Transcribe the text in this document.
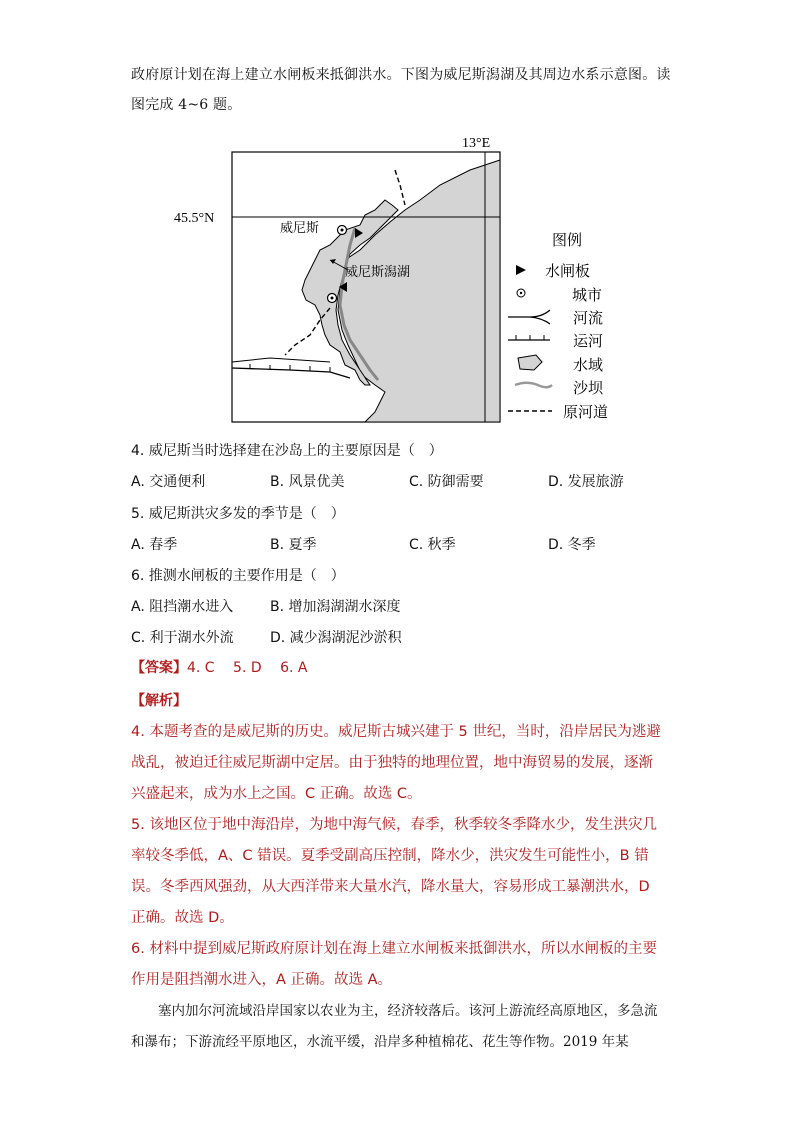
政府原计划在海上建立水闸板来抵御洪水。下图为威尼斯潟湖及其周边水系示意图。读图完成 4~6 题。
13°E
45.5°N
威尼斯
威尼斯潟湖
图例
水闸板
城市
河流
运河
水域
沙坝
原河道
4. 威尼斯当时选择建在沙岛上的主要原因是（　）
A. 交通便利	B. 风景优美	C. 防御需要	D. 发展旅游
5. 威尼斯洪灾多发的季节是（　）
A. 春季	B. 夏季	C. 秋季	D. 冬季
6. 推测水闸板的主要作用是（　）
A. 阻挡潮水进入	B. 增加潟湖湖水深度
C. 利于湖水外流	D. 减少潟湖泥沙淤积
【答案】4. C　 5. D　 6. A
【解析】
4. 本题考查的是威尼斯的历史。威尼斯古城兴建于 5 世纪，当时，沿岸居民为逃避战乱，被迫迁往威尼斯湖中定居。由于独特的地理位置，地中海贸易的发展，逐渐兴盛起来，成为水上之国。C 正确。故选 C。
5. 该地区位于地中海沿岸，为地中海气候，春季，秋季较冬季降水少，发生洪灾几率较冬季低，A、C 错误。夏季受副高压控制，降水少，洪灾发生可能性小，B 错误。冬季西风强劲，从大西洋带来大量水汽，降水量大，容易形成工暴潮洪水，D 正确。故选 D。
6. 材料中提到威尼斯政府原计划在海上建立水闸板来抵御洪水，所以水闸板的主要作用是阻挡潮水进入，A 正确。故选 A。
塞内加尔河流域沿岸国家以农业为主，经济较落后。该河上游流经高原地区，多急流和瀑布；下游流经平原地区，水流平缓，沿岸多种植棉花、花生等作物。2019 年某
